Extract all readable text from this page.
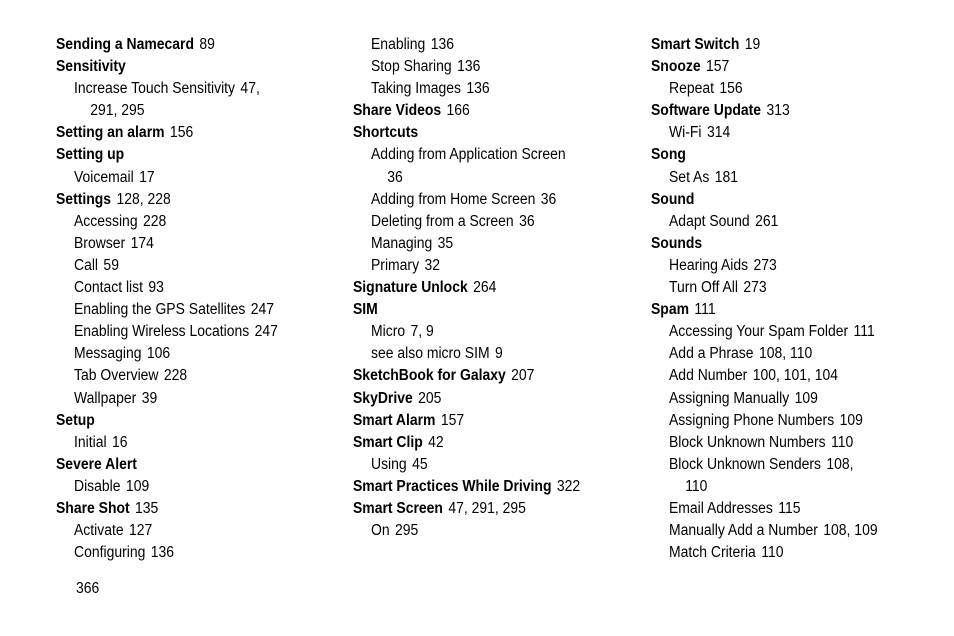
Sending a Namecard 89
Sensitivity
Increase Touch Sensitivity 47,
291, 295
Setting an alarm 156
Setting up
Voicemail 17
Settings 128, 228
Accessing 228
Browser 174
Call 59
Contact list 93
Enabling the GPS Satellites 247
Enabling Wireless Locations 247
Messaging 106
Tab Overview 228
Wallpaper 39
Setup
Initial 16
Severe Alert
Disable 109
Share Shot 135
Activate 127
Configuring 136
Enabling 136
Stop Sharing 136
Taking Images 136
Share Videos 166
Shortcuts
Adding from Application Screen
36
Adding from Home Screen 36
Deleting from a Screen 36
Managing 35
Primary 32
Signature Unlock 264
SIM
Micro 7, 9
see also micro SIM 9
SketchBook for Galaxy 207
SkyDrive 205
Smart Alarm 157
Smart Clip 42
Using 45
Smart Practices While Driving 322
Smart Screen 47, 291, 295
On 295
Smart Switch 19
Snooze 157
Repeat 156
Software Update 313
Wi-Fi 314
Song
Set As 181
Sound
Adapt Sound 261
Sounds
Hearing Aids 273
Turn Off All 273
Spam 111
Accessing Your Spam Folder 111
Add a Phrase 108, 110
Add Number 100, 101, 104
Assigning Manually 109
Assigning Phone Numbers 109
Block Unknown Numbers 110
Block Unknown Senders 108,
110
Email Addresses 115
Manually Add a Number 108, 109
Match Criteria 110
366
